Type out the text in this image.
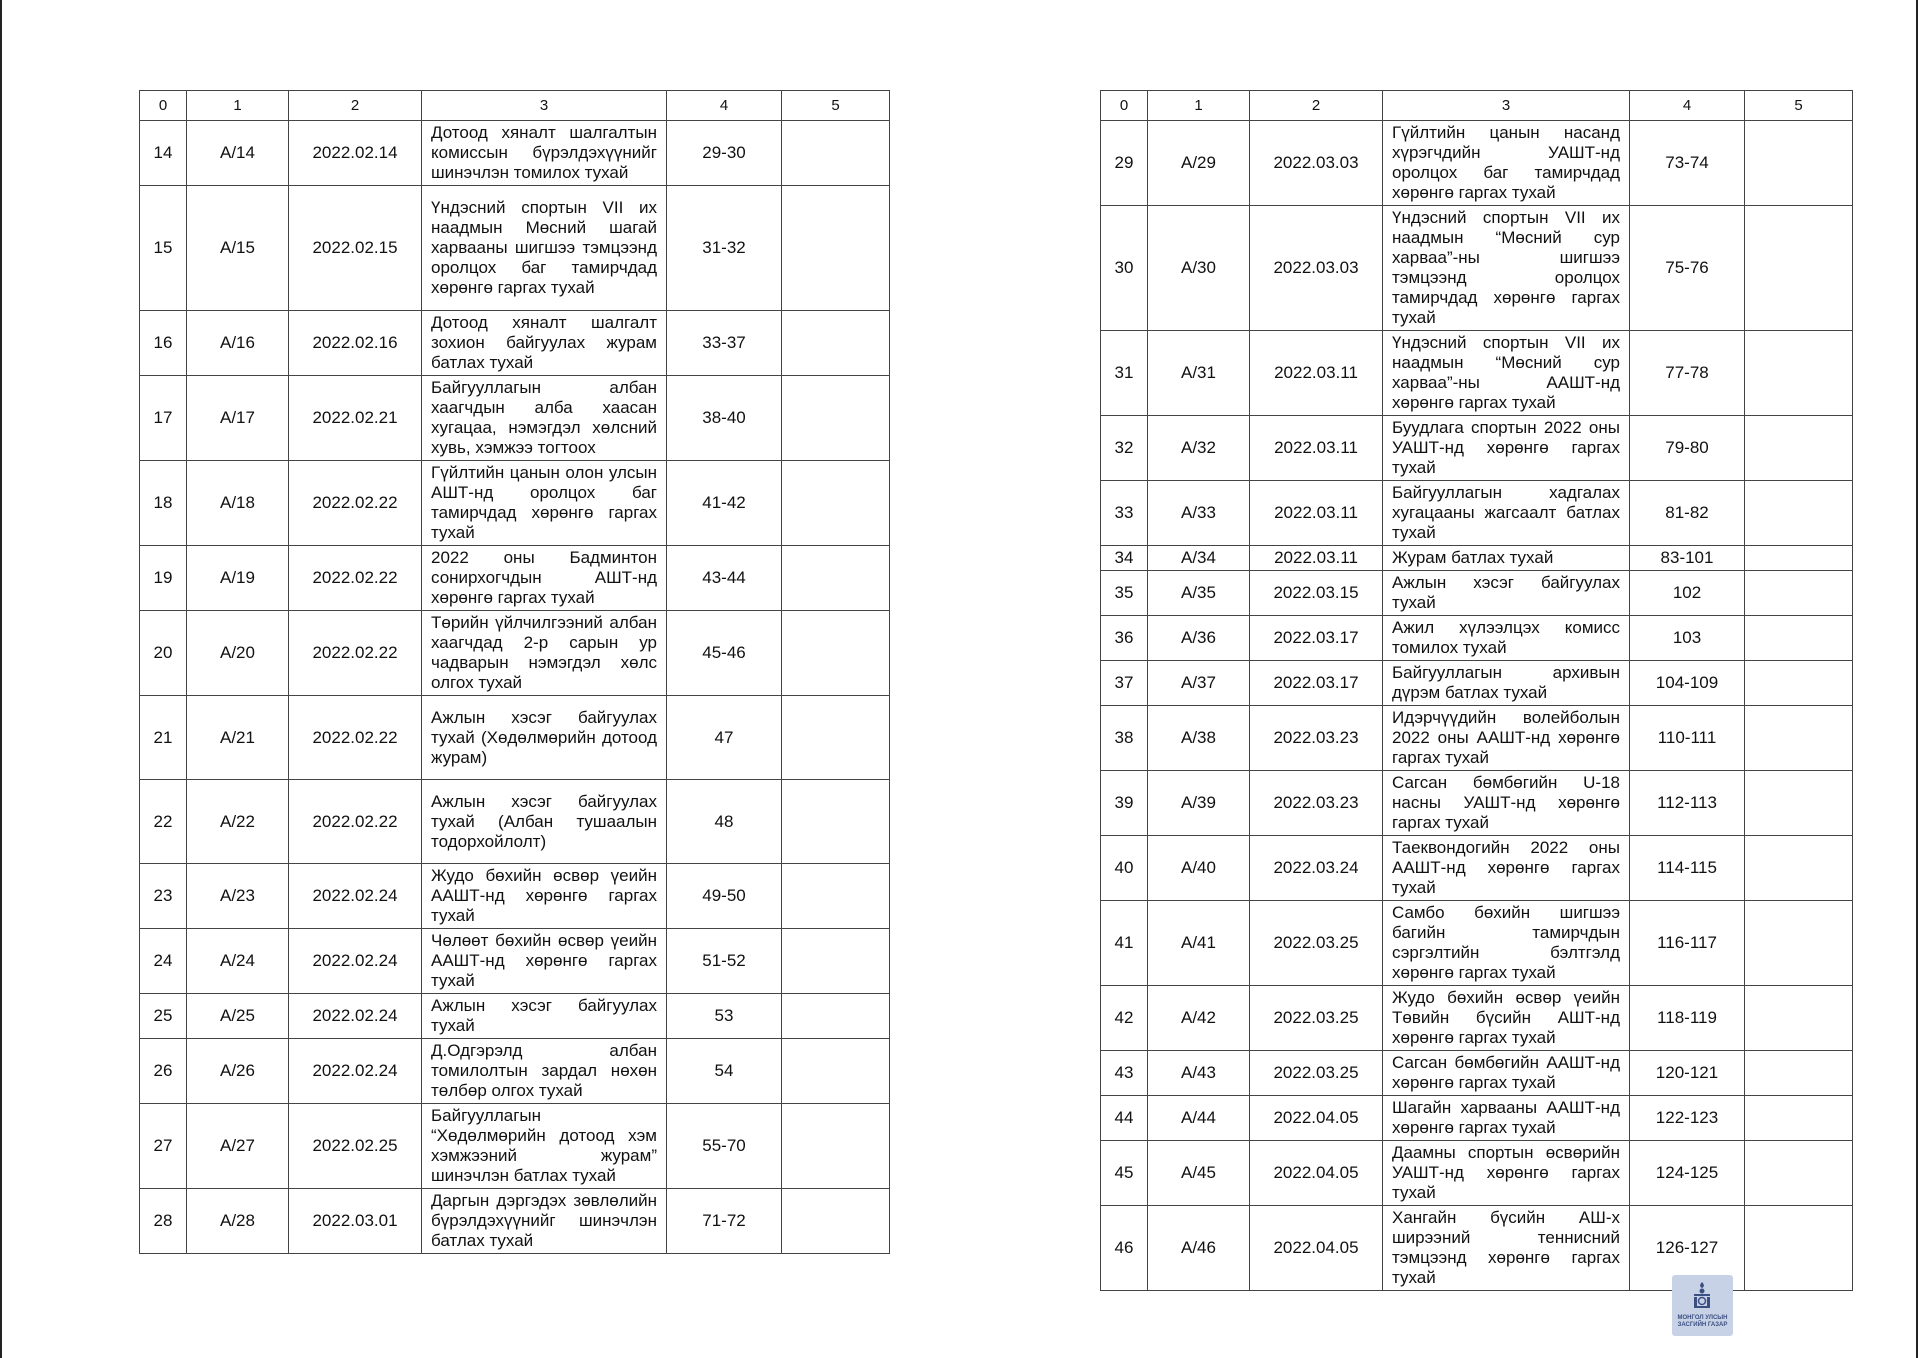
0	1	2	3	4	5
14	А/14	2022.02.14	Дотоод хяналт шалгалтын комиссын бүрэлдэхүүнийг шинэчлэн томилох тухай	29-30	
15	А/15	2022.02.15	Үндэсний спортын VII их наадмын Мөсний шагай харвааны шигшээ тэмцээнд оролцох баг тамирчдад хөрөнгө гаргах тухай	31-32	
16	А/16	2022.02.16	Дотоод хяналт шалгалт зохион байгуулах журам батлах тухай	33-37	
17	А/17	2022.02.21	Байгууллагын албан хаагчдын алба хаасан хугацаа, нэмэгдэл хөлсний хувь, хэмжээ тогтоох	38-40	
18	А/18	2022.02.22	Гүйлтийн цанын олон улсын АШТ-нд оролцох баг тамирчдад хөрөнгө гаргах тухай	41-42	
19	А/19	2022.02.22	2022 оны Бадминтон сонирхогчдын АШТ-нд хөрөнгө гаргах тухай	43-44	
20	А/20	2022.02.22	Төрийн үйлчилгээний албан хаагчдад 2-р сарын ур чадварын нэмэгдэл хөлс олгох тухай	45-46	
21	А/21	2022.02.22	Ажлын хэсэг байгуулах тухай (Хөдөлмөрийн дотоод журам)	47	
22	А/22	2022.02.22	Ажлын хэсэг байгуулах тухай (Албан тушаалын тодорхойлолт)	48	
23	А/23	2022.02.24	Жудо бөхийн өсвөр үеийн ААШТ-нд хөрөнгө гаргах тухай	49-50	
24	А/24	2022.02.24	Чөлөөт бөхийн өсвөр үеийн ААШТ-нд хөрөнгө гаргах тухай	51-52	
25	А/25	2022.02.24	Ажлын хэсэг байгуулах тухай	53	
26	А/26	2022.02.24	Д.Одгэрэлд албан томилолтын зардал нөхөн төлбөр олгох тухай	54	
27	А/27	2022.02.25	Байгууллагын “Хөдөлмөрийн дотоод хэм хэмжээний журам” шинэчлэн батлах тухай	55-70	
28	А/28	2022.03.01	Даргын дэргэдэх зөвлөлийн бүрэлдэхүүнийг шинэчлэн батлах тухай	71-72	
0	1	2	3	4	5
29	А/29	2022.03.03	Гүйлтийн цанын насанд хүрэгчдийн УАШТ-нд оролцох баг тамирчдад хөрөнгө гаргах тухай	73-74	
30	А/30	2022.03.03	Үндэсний спортын VII их наадмын “Мөсний сур харваа”-ны шигшээ тэмцээнд оролцох тамирчдад хөрөнгө гаргах тухай	75-76	
31	А/31	2022.03.11	Үндэсний спортын VII их наадмын “Мөсний сур харваа”-ны ААШТ-нд хөрөнгө гаргах тухай	77-78	
32	А/32	2022.03.11	Буудлага спортын 2022 оны УАШТ-нд хөрөнгө гаргах тухай	79-80	
33	А/33	2022.03.11	Байгууллагын хадгалах хугацааны жагсаалт батлах тухай	81-82	
34	А/34	2022.03.11	Журам батлах тухай	83-101	
35	А/35	2022.03.15	Ажлын хэсэг байгуулах тухай	102	
36	А/36	2022.03.17	Ажил хүлээлцэх комисс томилох тухай	103	
37	А/37	2022.03.17	Байгууллагын архивын дүрэм батлах тухай	104-109	
38	А/38	2022.03.23	Идэрчүүдийн волейболын 2022 оны ААШТ-нд хөрөнгө гаргах тухай	110-111	
39	А/39	2022.03.23	Сагсан бөмбөгийн U-18 насны УАШТ-нд хөрөнгө гаргах тухай	112-113	
40	А/40	2022.03.24	Таеквондогийн 2022 оны ААШТ-нд хөрөнгө гаргах тухай	114-115	
41	А/41	2022.03.25	Самбо бөхийн шигшээ багийн тамирчдын сэргэлтийн бэлтгэлд хөрөнгө гаргах тухай	116-117	
42	А/42	2022.03.25	Жудо бөхийн өсвөр үеийн Төвийн бүсийн АШТ-нд хөрөнгө гаргах тухай	118-119	
43	А/43	2022.03.25	Сагсан бөмбөгийн ААШТ-нд хөрөнгө гаргах тухай	120-121	
44	А/44	2022.04.05	Шагайн харвааны ААШТ-нд хөрөнгө гаргах тухай	122-123	
45	А/45	2022.04.05	Даамны спортын өсвөрийн УАШТ-нд хөрөнгө гаргах тухай	124-125	
46	А/46	2022.04.05	Хангайн бүсийн АШ-х ширээний теннисний тэмцээнд хөрөнгө гаргах тухай	126-127	
МОНГОЛ УЛСЫН
ЗАСГИЙН ГАЗАР
